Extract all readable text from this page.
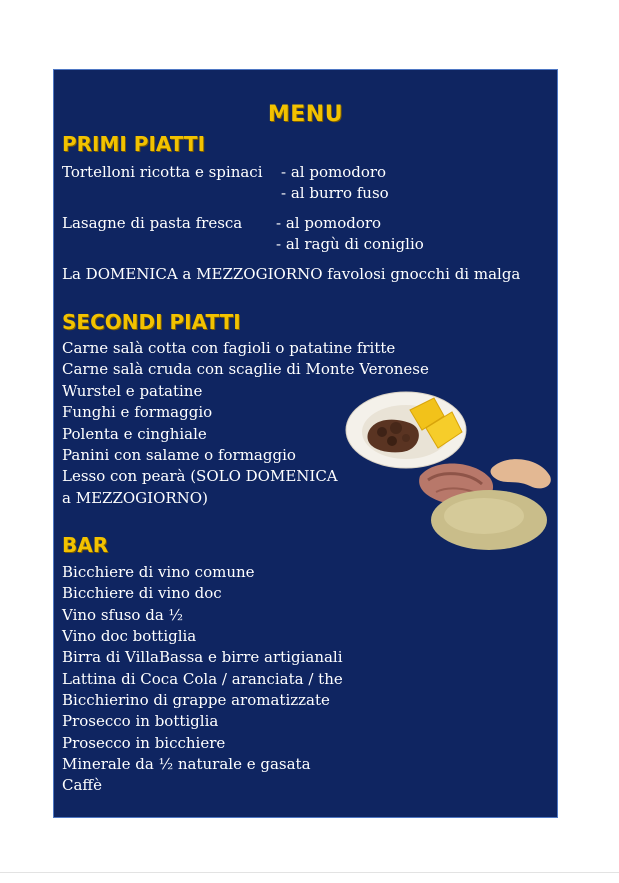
MENU
PRIMI PIATTI
Tortelloni ricotta e spinaci - al pomodoro
- al burro fuso
Lasagne di pasta fresca - al pomodoro
- al ragù di coniglio
La DOMENICA a MEZZOGIORNO favolosi gnocchi di malga
SECONDI PIATTI
Carne salà cotta con fagioli o patatine fritte
Carne salà cruda con scaglie di Monte Veronese
Wurstel e patatine
Funghi e formaggio
Polenta e cinghiale
Panini con salame o formaggio
Lesso con pearà (SOLO DOMENICA
a MEZZOGIORNO)
BAR
Bicchiere di vino comune
Bicchiere di vino doc
Vino sfuso da ½
Vino doc bottiglia
Birra di VillaBassa e birre artigianali
Lattina di Coca Cola / aranciata / the
Bicchierino di grappe aromatizzate
Prosecco in bottiglia
Prosecco in bicchiere
Minerale da ½ naturale e gasata
Caffè
